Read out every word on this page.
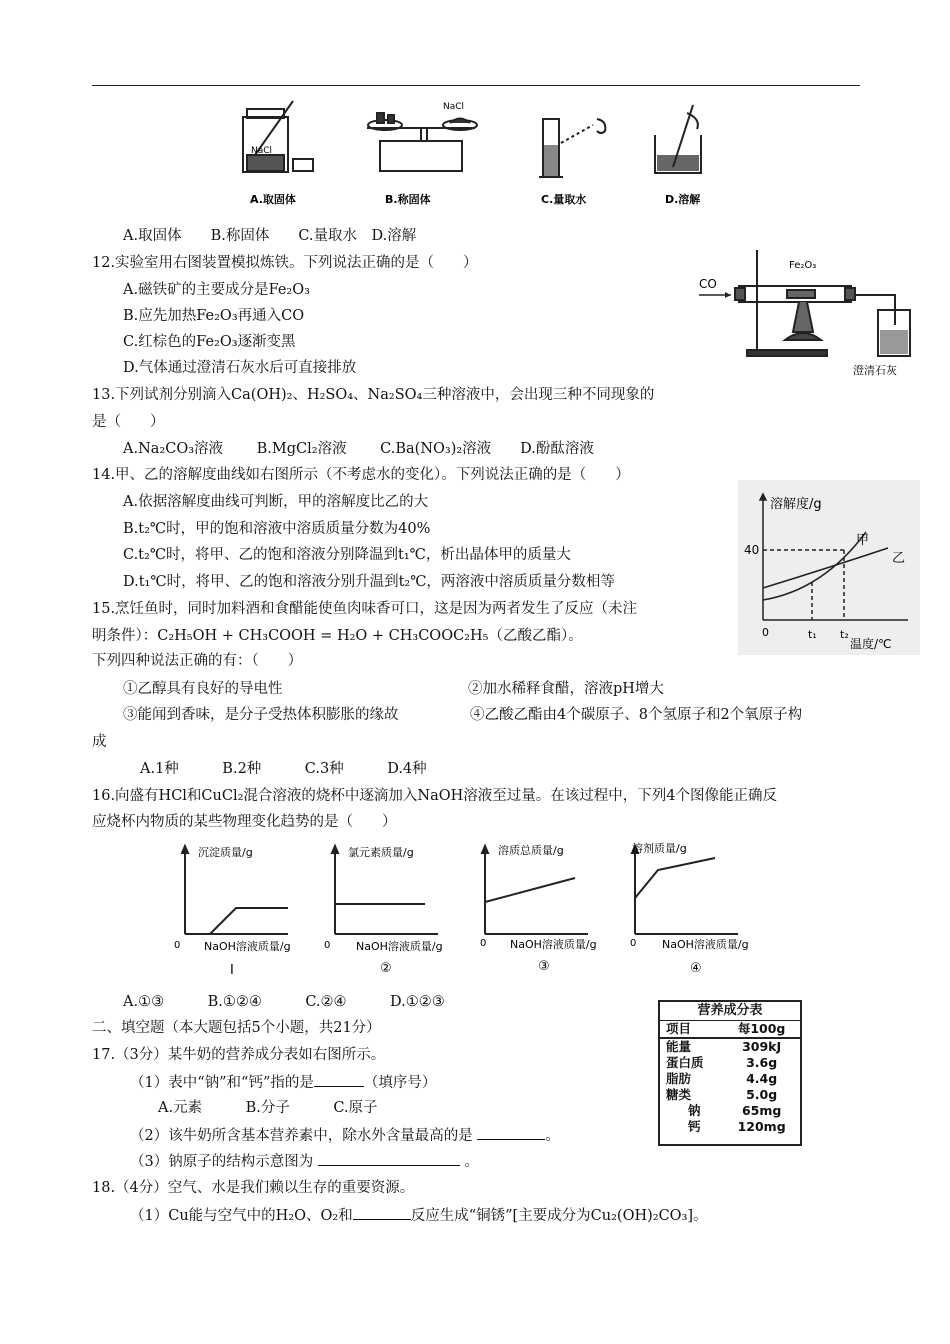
NaCl
NaCl
A.取固体	B.称固体	C.量取水	D.溶解
A.取固体　　B.称固体　　C.量取水　D.溶解
12.实验室用右图装置模拟炼铁。下列说法正确的是（　　）
A.磁铁矿的主要成分是Fe₂O₃
B.应先加热Fe₂O₃再通入CO
C.红棕色的Fe₂O₃逐渐变黑
D.气体通过澄清石灰水后可直接排放
CO
Fe₂O₃
澄清石灰
13.下列试剂分别滴入Ca(OH)₂、H₂SO₄、Na₂SO₄三种溶液中，会出现三种不同现象的
是（　　）
A.Na₂CO₃溶液　　 B.MgCl₂溶液　　 C.Ba(NO₃)₂溶液　　D.酚酞溶液
14.甲、乙的溶解度曲线如右图所示（不考虑水的变化）。下列说法正确的是（　　）
A.依据溶解度曲线可判断，甲的溶解度比乙的大
B.t₂℃时，甲的饱和溶液中溶质质量分数为40%
C.t₂℃时，将甲、乙的饱和溶液分别降温到t₁℃，析出晶体甲的质量大
D.t₁℃时，将甲、乙的饱和溶液分别升温到t₂℃，两溶液中溶质质量分数相等
溶解度/g
40
0	t₁ t₂
温度/℃
甲
乙
15.烹饪鱼时，同时加料酒和食醋能使鱼肉味香可口，这是因为两者发生了反应（未注
明条件）：C₂H₅OH + CH₃COOH = H₂O + CH₃COOC₂H₅（乙酸乙酯）。
下列四种说法正确的有：（　　）
①乙醇具有良好的导电性	②加水稀释食醋，溶液pH增大
③能闻到香味，是分子受热体积膨胀的缘故	④乙酸乙酯由4个碳原子、8个氢原子和2个氧原子构
成
A.1种　　　B.2种　　　C.3种　　　D.4种
16.向盛有HCl和CuCl₂混合溶液的烧杯中逐滴加入NaOH溶液至过量。在该过程中，下列4个图像能正确反
应烧杯内物质的某些物理变化趋势的是（　　）
沉淀质量/g	氯元素质量/g	溶质总质量/g	溶剂质量/g
0	0	0	0
NaOH溶液质量/g	NaOH溶液质量/g	NaOH溶液质量/g	NaOH溶液质量/g
Ⅰ	②	③	④
A.①③　　　B.①②④　　　C.②④　　　D.①②③
二、填空题（本大题包括5个小题，共21分）
17.（3分）某牛奶的营养成分表如右图所示。
（1）表中“钠”和“钙”指的是	（填序号）
A.元素　　　B.分子　　　C.原子
（2）该牛奶所含基本营养素中，除水外含量最高的是	。
（3）钠原子的结构示意图为	。
营养成分表
项目	每100g
能量	309kJ
蛋白质	3.6g
脂肪	4.4g
糖类	5.0g
钠	65mg
钙	120mg
18.（4分）空气、水是我们赖以生存的重要资源。
（1）Cu能与空气中的H₂O、O₂和	反应生成“铜锈”[主要成分为Cu₂(OH)₂CO₃]。
